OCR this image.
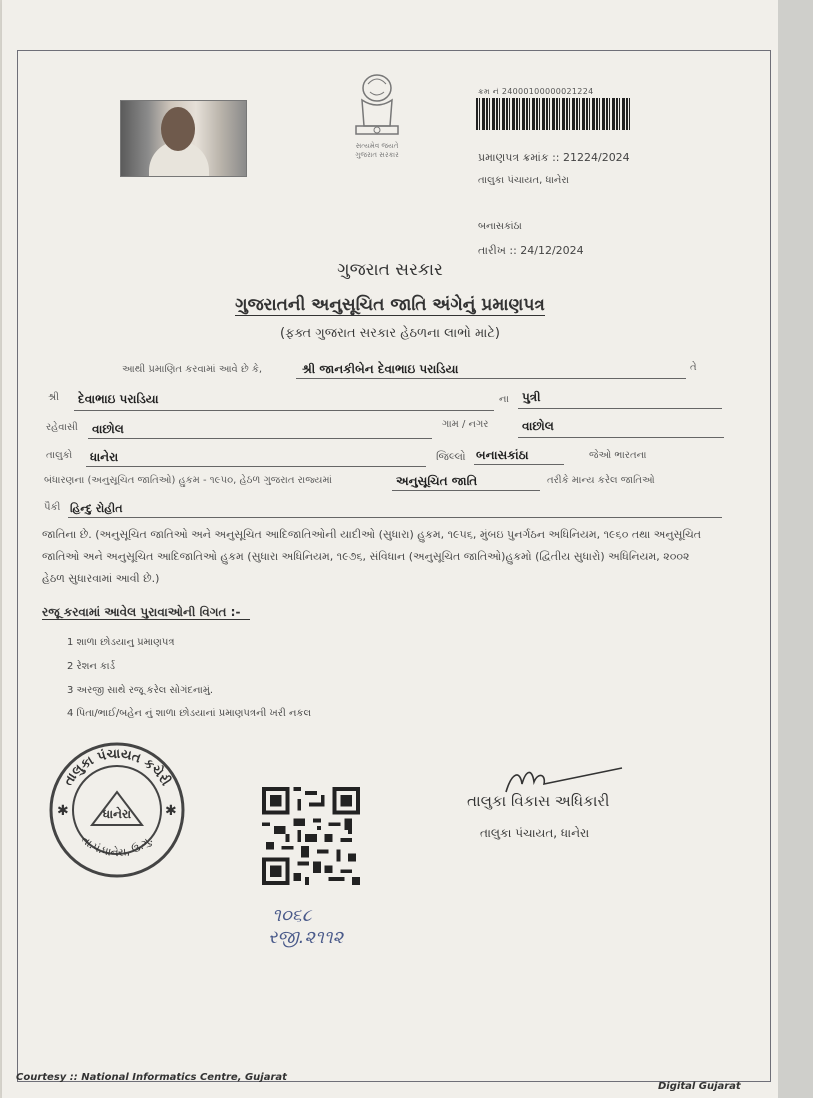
સત્યમેવ જયતે
ગુજરાત સરકાર
ક્રમ નં 24000100000021224
પ્રમાણપત્ર ક્રમાંક :: 21224/2024
તાલુકા પંચાયત, ધાનેરા
બનાસકાંઠા
તારીખ :: 24/12/2024
ગુજરાત સરકાર
ગુજરાતની અનુસૂચિત જાતિ અંગેનું પ્રમાણપત્ર
(ફક્ત ગુજરાત સરકાર હેઠળના લાભો માટે)
આથી પ્રમાણિત કરવામાં આવે છે કે,	શ્રી જાનકીબેન દેવાભાઇ પરાડિયા	તે
શ્રી	દેવાભાઇ પરાડિયા	ના	પુત્રી
રહેવાસી	વાછોલ	ગામ / નગર	વાછોલ
તાલુકો	ધાનેરા	જિલ્લો બનાસકાંઠા	જેઓ ભારતના
બંધારણના (અનુસૂચિત જાતિઓ) હુકમ - ૧૯૫૦, હેઠળ ગુજરાત રાજ્યમાં	અનુસૂચિત જાતિ	તરીકે માન્ય કરેલ જાતિઓ
પૈકી હિન્દુ રોહીત
જાતિના છે. (અનુસૂચિત જાતિઓ અને અનુસૂચિત આદિજાતિઓની યાદીઓ (સુધારા) હુકમ, ૧૯૫૬, મુંબઇ પુનર્ગઠન અધિનિયમ, ૧૯૬૦ તથા અનુસૂચિત જાતિઓ અને અનુસૂચિત આદિજાતિઓ હુકમ (સુધારા અધિનિયમ, ૧૯૭૬, સંવિધાન (અનુસૂચિત જાતિઓ)હુકમો (દ્વિતીય સુધારો) અધિનિયમ, ૨૦૦૨ હેઠળ સુધારવામાં આવી છે.)
રજૂ કરવામાં આવેલ પુરાવાઓની વિગત :-
1 શાળા છોડયાનુ પ્રમાણપત્ર
2 રેશન કાર્ડ
3 અરજી સાથે રજૂ કરેલ સોગંદનામું.
4 પિતા/ભાઈ/બહેન નું શાળા છોડયાનાં પ્રમાણપત્રની ખરી નકલ
તાલુકા પંચાયત કચેરી
તા.પં.ધાનેરા, ઉ.ગુ.
ધાનેરા
✱	✱
તાલુકા વિકાસ અધિકારી
તાલુકા પંચાયત, ધાનેરા
૧૦૬૮
રજી.૨૧૧૨
Courtesy :: National Informatics Centre, Gujarat
Digital Gujarat
